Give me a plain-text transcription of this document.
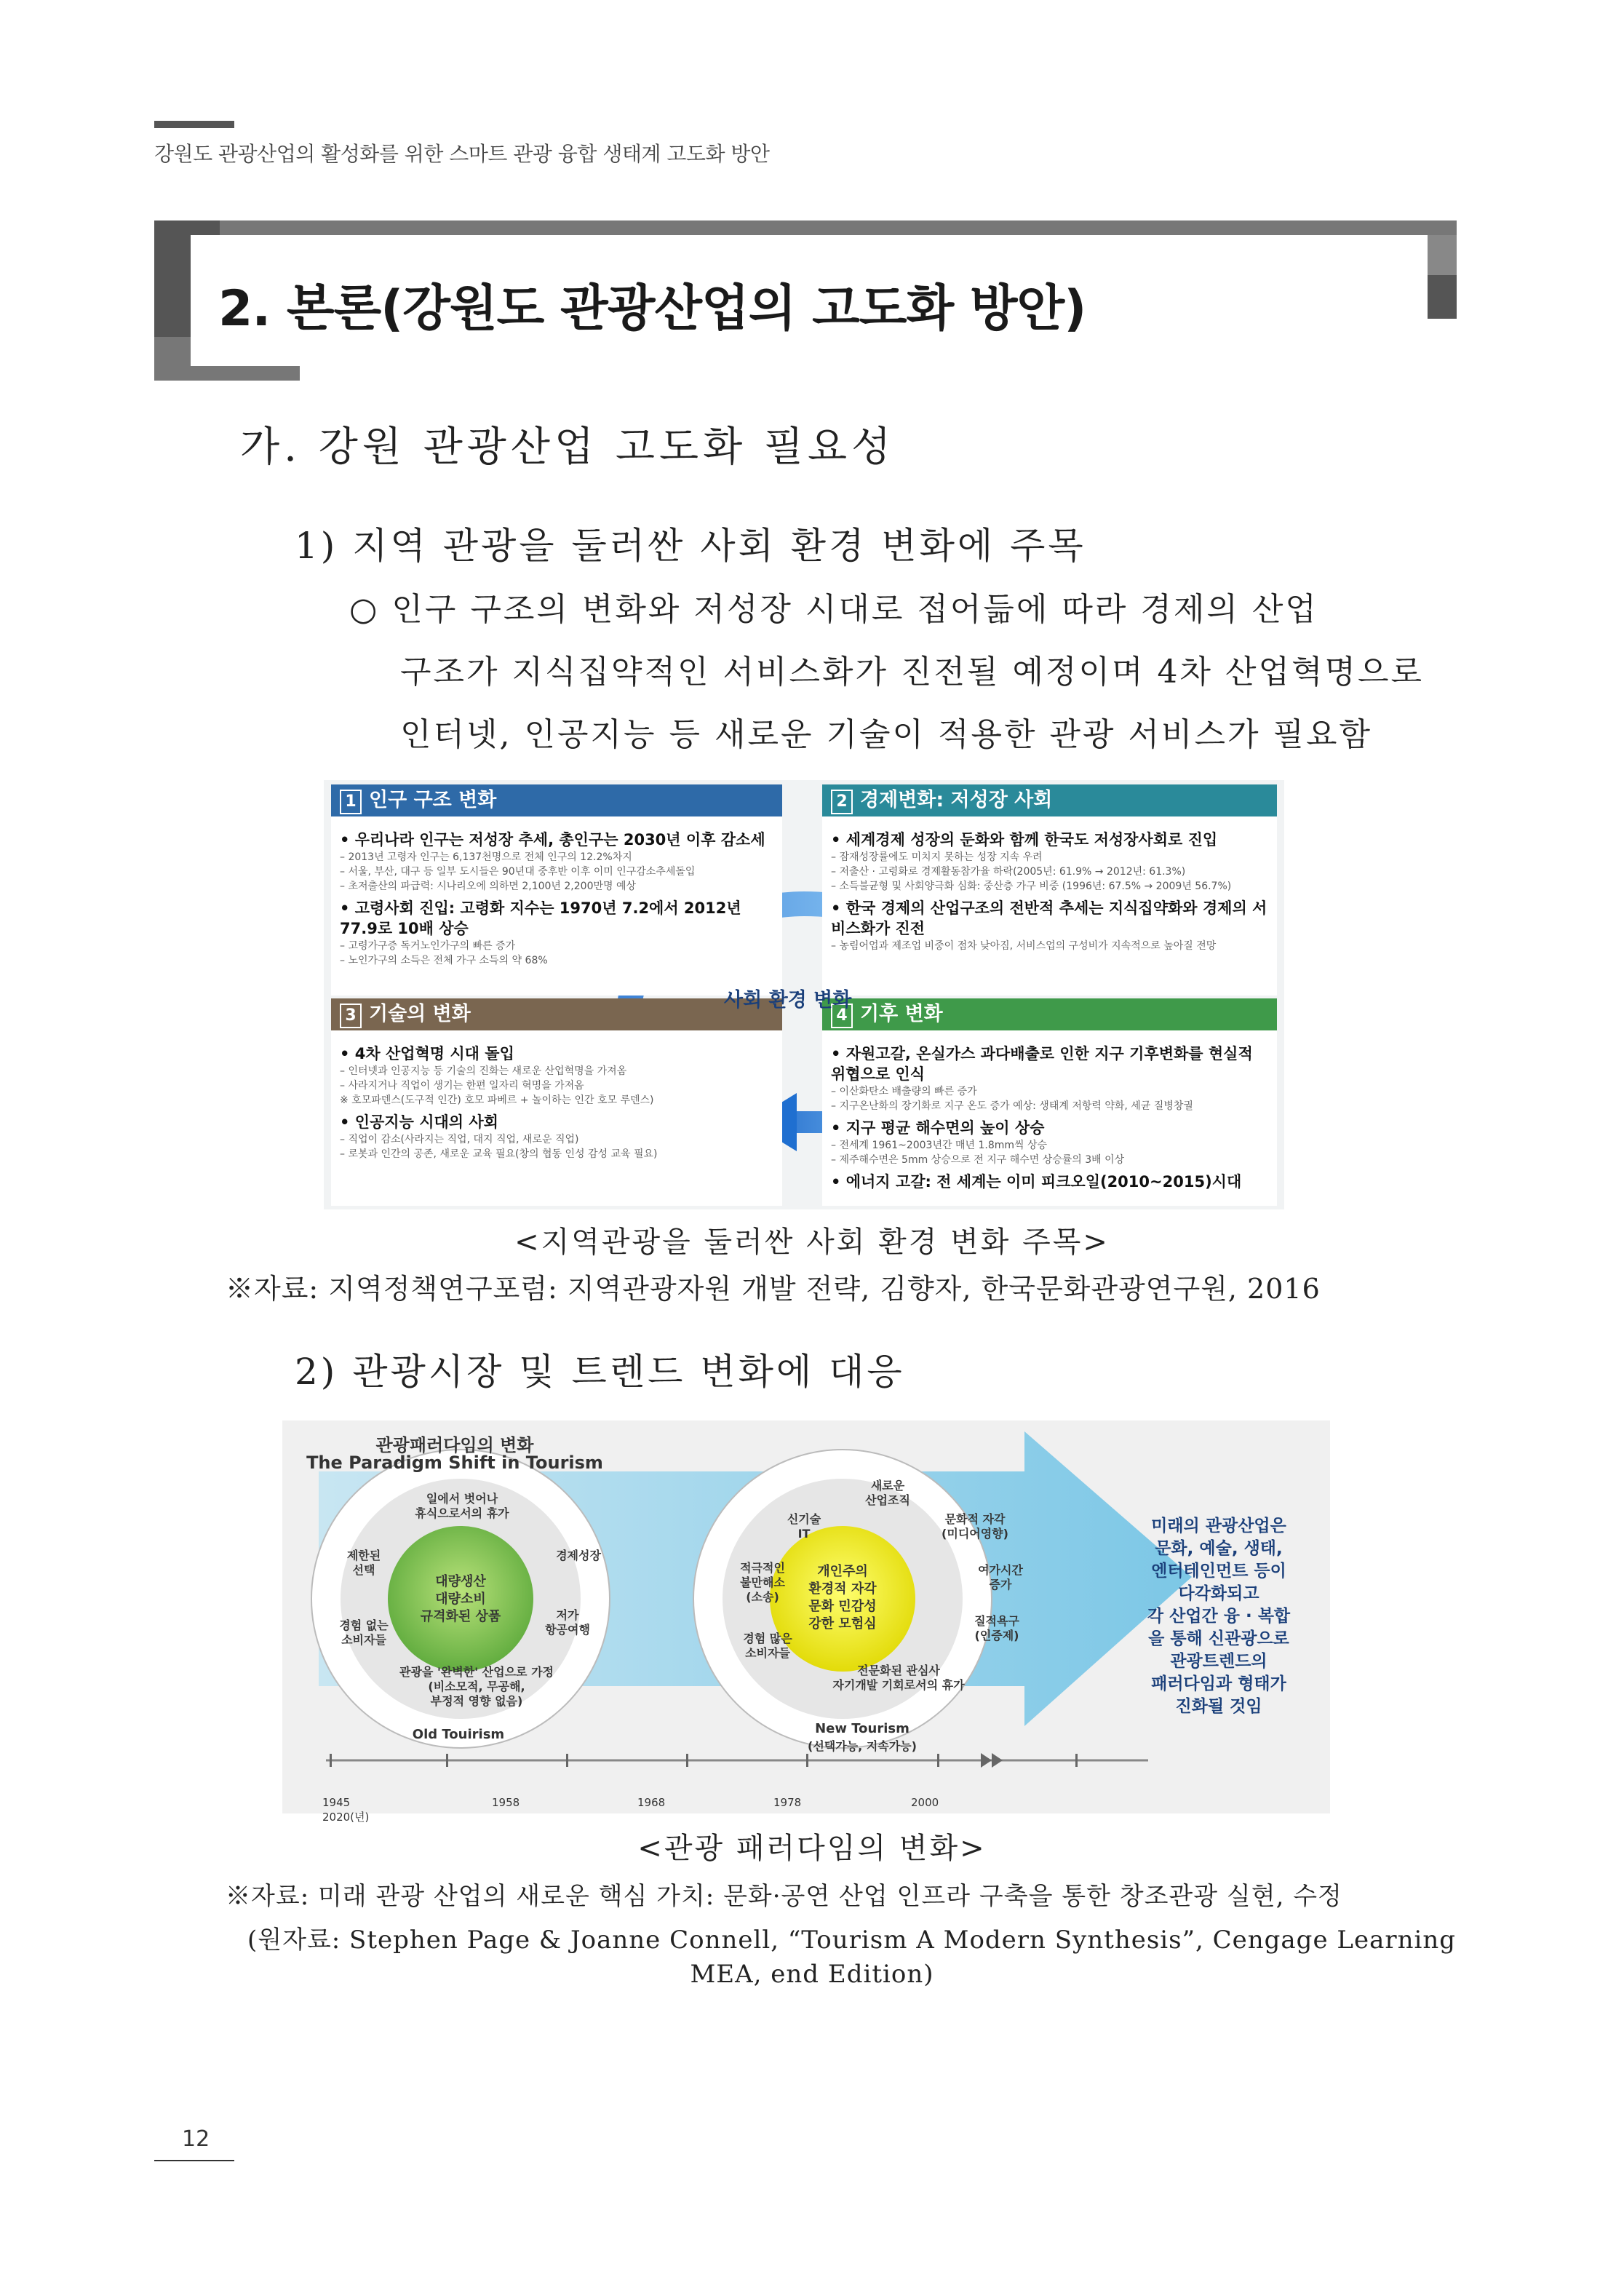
강원도 관광산업의 활성화를 위한 스마트 관광 융합 생태계 고도화 방안
2. 본론(강원도 관광산업의 고도화 방안)
가. 강원 관광산업 고도화 필요성
1) 지역 관광을 둘러싼 사회 환경 변화에 주목
○ 인구 구조의 변화와 저성장 시대로 접어듦에 따라 경제의 산업
구조가 지식집약적인 서비스화가 진전될 예정이며 4차 산업혁명으로
인터넷, 인공지능 등 새로운 기술이 적용한 관광 서비스가 필요함
1 인구 구조 변화
• 우리나라 인구는 저성장 추세, 총인구는 2030년 이후 감소세
– 2013년 고령자 인구는 6,137천명으로 전체 인구의 12.2%차지
– 서울, 부산, 대구 등 일부 도시들은 90년대 중후반 이후 이미 인구감소추세돌입
– 초저출산의 파급력: 시나리오에 의하면 2,100년 2,200만명 예상
• 고령사회 진입: 고령화 지수는 1970년 7.2에서 2012년 77.9로 10배 상승
– 고령가구증 독거노인가구의 빠른 증가
– 노인가구의 소득은 전체 가구 소득의 약 68%
2 경제변화: 저성장 사회
• 세계경제 성장의 둔화와 함께 한국도 저성장사회로 진입
– 잠재성장률에도 미치지 못하는 성장 지속 우려
– 저출산 · 고령화로 경제활동참가율 하락(2005년: 61.9% → 2012년: 61.3%)
– 소득불균형 및 사회양극화 심화: 중산층 가구 비중 (1996년: 67.5% → 2009년 56.7%)
• 한국 경제의 산업구조의 전반적 추세는 지식집약화와 경제의 서비스화가 진전
– 농림어업과 제조업 비중이 점차 낮아짐, 서비스업의 구성비가 지속적으로 높아질 전망
3 기술의 변화
• 4차 산업혁명 시대 돌입
– 인터넷과 인공지능 등 기술의 진화는 새로운 산업혁명을 가져옴
– 사라지거나 직업이 생기는 한편 일자리 혁명을 가져옴
※ 호모파덴스(도구적 인간) 호모 파베르 + 놀이하는 인간 호모 루덴스)
• 인공지능 시대의 사회
– 직업이 감소(사라지는 직업, 대지 직업, 새로운 직업)
– 로봇과 인간의 공존, 새로운 교육 필요(창의 협동 인성 감성 교육 필요)
4 기후 변화
• 자원고갈, 온실가스 과다배출로 인한 지구 기후변화를 현실적 위협으로 인식
– 이산화탄소 배출량의 빠른 증가
– 지구온난화의 장기화로 지구 온도 증가 예상: 생태계 저항력 약화, 세균 질병창궐
• 지구 평균 해수면의 높이 상승
– 전세계 1961~2003년간 매년 1.8mm씩 상승
– 제주해수면은 5mm 상승으로 전 지구 해수면 상승률의 3배 이상
• 에너지 고갈: 전 세계는 이미 피크오일(2010~2015)시대
사회 환경 변화
<지역관광을 둘러싼 사회 환경 변화 주목>
※자료: 지역정책연구포럼: 지역관광자원 개발 전략, 김향자, 한국문화관광연구원, 2016
2) 관광시장 및 트렌드 변화에 대응
관광패러다임의 변화
The Paradigm Shift in Tourism
대량생산
대량소비
규격화된 상품
일에서 벗어나
휴식으로서의 휴가
경제성장
저가
항공여행
관광을 '완벽한' 산업으로 가정
(비소모적, 무공해,
부정적 영향 없음)
경험 없는
소비자들
제한된
선택
Old Touirism
개인주의
환경적 자각
문화 민감성
강한 모험심
새로운
산업조직
문화적 자각
(미디어영향)
여가시간
증가
질적욕구
(인증제)
전문화된 관심사
자기개발 기회로서의 휴가
경험 많은
소비자들
적극적인
불만해소
(소송)
신기술
IT
New Tourism
(선택가능, 지속가능)
미래의 관광산업은
문화, 예술, 생태,
엔터테인먼트 등이
다각화되고
각 산업간 융 · 복합
을 통해 신관광으로
관광트렌드의
패러다임과 형태가
진화될 것임
1945
2020(년)
1958	1968	1978	2000
<관광 패러다임의 변화>
※자료: 미래 관광 산업의 새로운 핵심 가치: 문화·공연 산업 인프라 구축을 통한 창조관광 실현, 수정
(원자료: Stephen Page & Joanne Connell, “Tourism A Modern Synthesis”, Cengage Learning
MEA, end Edition)
12
